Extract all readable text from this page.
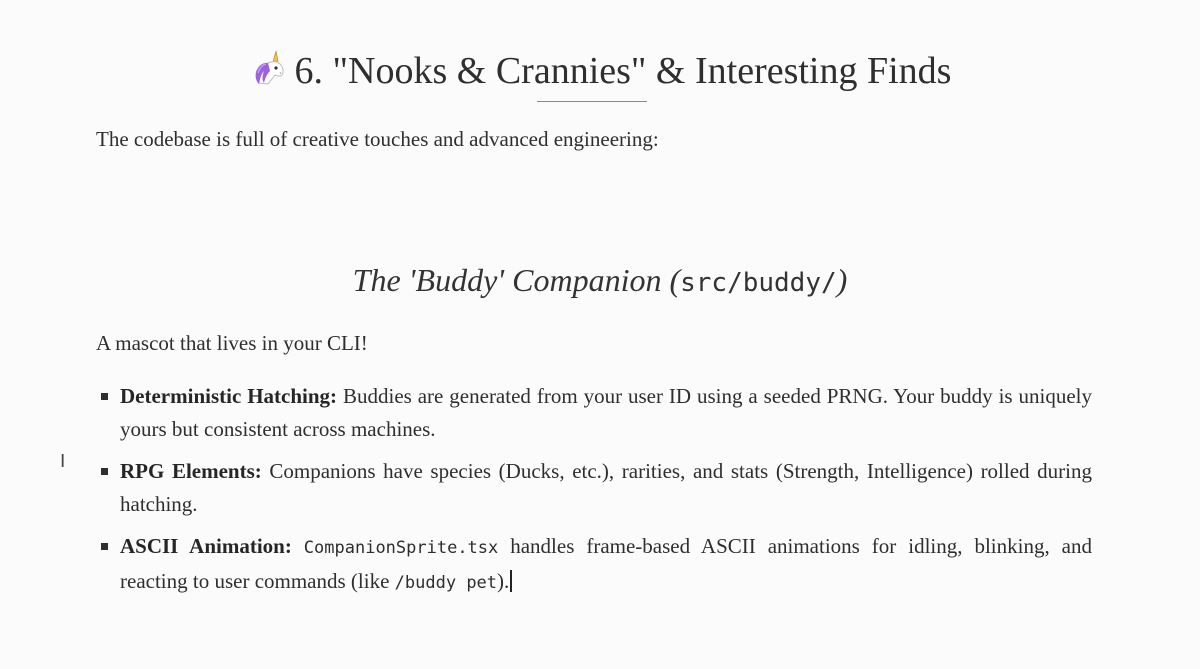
6. "Nooks & Crannies" & Interesting Finds
The codebase is full of creative touches and advanced engineering:
The 'Buddy' Companion (src/buddy/)
A mascot that lives in your CLI!
Deterministic Hatching: Buddies are generated from your user ID using a seeded PRNG. Your buddy is uniquely yours but consistent across machines.
RPG Elements: Companions have species (Ducks, etc.), rarities, and stats (Strength, Intelligence) rolled during hatching.
ASCII Animation: CompanionSprite.tsx handles frame-based ASCII animations for idling, blinking, and reacting to user commands (like /buddy pet).
I
